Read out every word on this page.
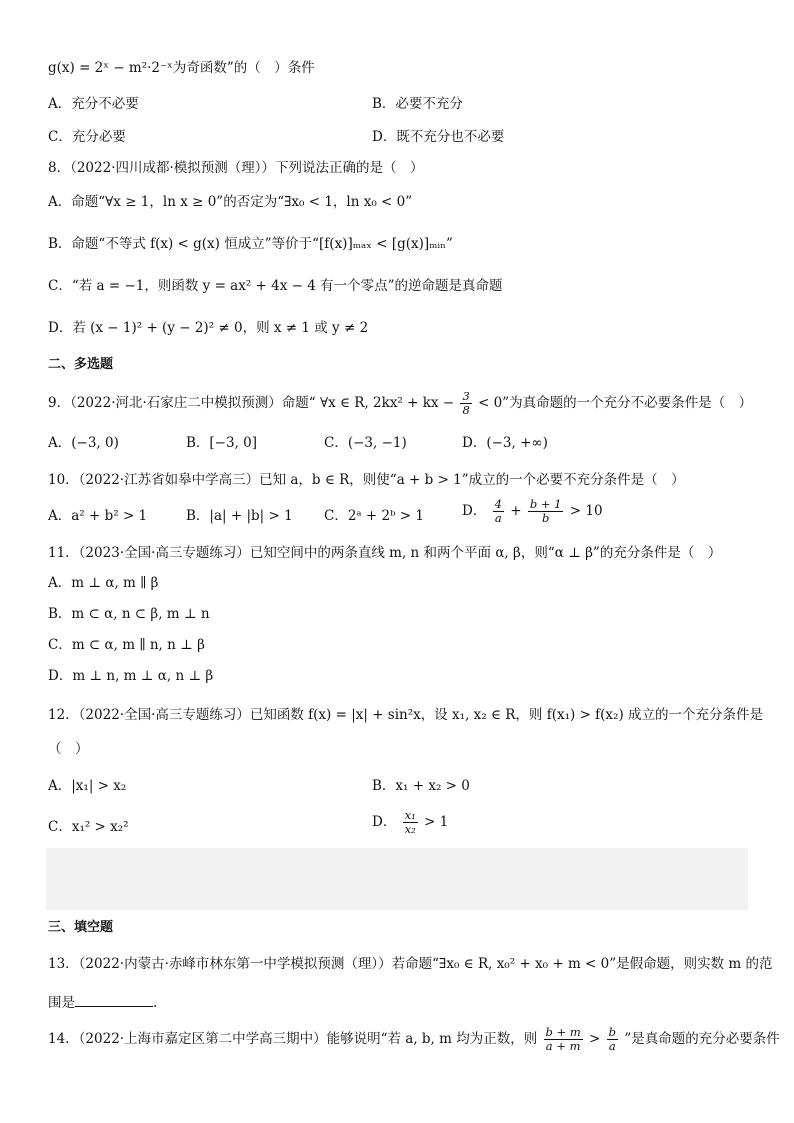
g(x) = 2ˣ − m²·2⁻ˣ为奇函数”的（　）条件
A．充分不必要	B．必要不充分
C．充分必要	D．既不充分也不必要
8．（2022·四川成都·模拟预测（理））下列说法正确的是（　）
A．命题“∀x ≥ 1，ln x ≥ 0”的否定为“∃x₀ < 1，ln x₀ < 0”
B．命题“不等式 f(x) < g(x) 恒成立”等价于“[f(x)]ₘₐₓ < [g(x)]ₘᵢₙ”
C．“若 a = −1，则函数 y = ax² + 4x − 4 有一个零点”的逆命题是真命题
D．若 (x − 1)² + (y − 2)² ≠ 0，则 x ≠ 1 或 y ≠ 2
二、多选题
9．（2022·河北·石家庄二中模拟预测）命题“ ∀x ∈ R, 2kx² + kx − $\frac{3}{8} < 0$”为真命题的一个充分不必要条件是（　）
A．(−3, 0)	B．[−3, 0]	C．(−3, −1)	D．(−3, +∞)
10．（2022·江苏省如皋中学高三）已知 a，b ∈ R，则使“a + b > 1”成立的一个必要不充分条件是（　）
A．a² + b² > 1	B．|a| + |b| > 1 C．2ᵃ + 2ᵇ > 1	D． $\frac{4}{a} + \frac{b + 1}{b} > 10$
11．（2023·全国·高三专题练习）已知空间中的两条直线 m, n 和两个平面 α, β，则“α ⊥ β”的充分条件是（　）
A．m ⊥ α, m ∥ β
B．m ⊂ α, n ⊂ β, m ⊥ n
C．m ⊂ α, m ∥ n, n ⊥ β
D．m ⊥ n, m ⊥ α, n ⊥ β
12．（2022·全国·高三专题练习）已知函数 f(x) = |x| + sin²x，设 x₁, x₂ ∈ R，则 f(x₁) > f(x₂) 成立的一个充分条件是
（　）
A．|x₁| > x₂	B．x₁ + x₂ > 0
C．x₁² > x₂²	D． $\frac{\text{x₁}}{\text{x₂}} > 1$
三、填空题
13．（2022·内蒙古·赤峰市林东第一中学模拟预测（理））若命题“∃x₀ ∈ R, x₀² + x₀ + m < 0”是假命题，则实数 m 的范
围是	.
14．（2022·上海市嘉定区第二中学高三期中）能够说明“若 a, b, m 均为正数，则 $\frac{b + m}{a + m} > \frac{b}{a}$ ”是真命题的充分必要条件
